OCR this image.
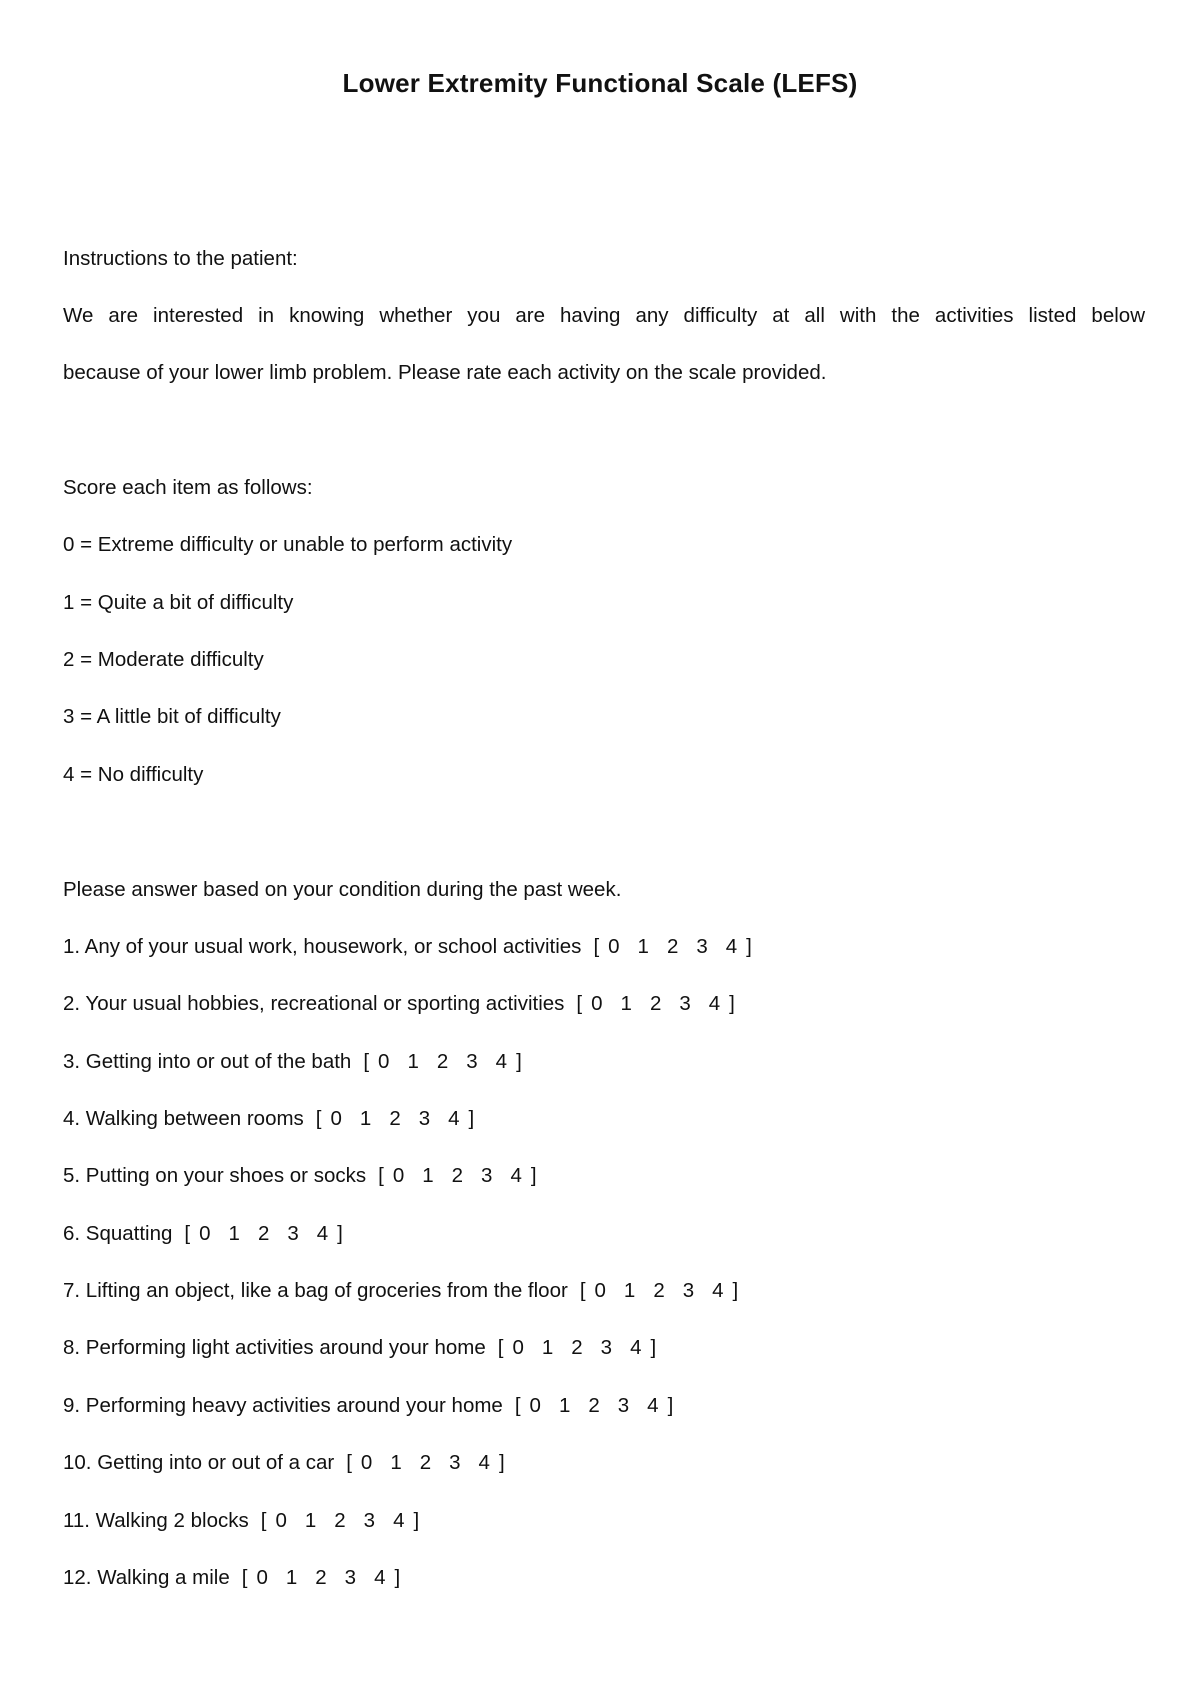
Lower Extremity Functional Scale (LEFS)
Instructions to the patient:
We are interested in knowing whether you are having any difficulty at all with the activities listed below
because of your lower limb problem. Please rate each activity on the scale provided.
Score each item as follows:
0 = Extreme difficulty or unable to perform activity
1 = Quite a bit of difficulty
2 = Moderate difficulty
3 = A little bit of difficulty
4 = No difficulty
Please answer based on your condition during the past week.
1. Any of your usual work, housework, or school activities [ 0 1 2 3 4 ]
2. Your usual hobbies, recreational or sporting activities [ 0 1 2 3 4 ]
3. Getting into or out of the bath [ 0 1 2 3 4 ]
4. Walking between rooms [ 0 1 2 3 4 ]
5. Putting on your shoes or socks [ 0 1 2 3 4 ]
6. Squatting [ 0 1 2 3 4 ]
7. Lifting an object, like a bag of groceries from the floor [ 0 1 2 3 4 ]
8. Performing light activities around your home [ 0 1 2 3 4 ]
9. Performing heavy activities around your home [ 0 1 2 3 4 ]
10. Getting into or out of a car [ 0 1 2 3 4 ]
11. Walking 2 blocks [ 0 1 2 3 4 ]
12. Walking a mile [ 0 1 2 3 4 ]
